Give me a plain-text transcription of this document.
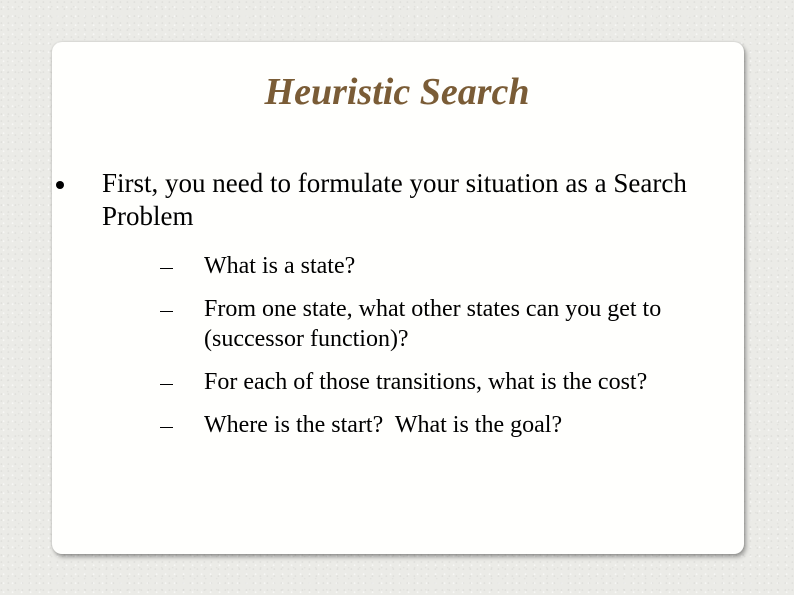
Heuristic Search
First, you need to formulate your situation as a Search Problem
What is a state?
From one state, what other states can you get to (successor function)?
For each of those transitions, what is the cost?
Where is the start?  What is the goal?
